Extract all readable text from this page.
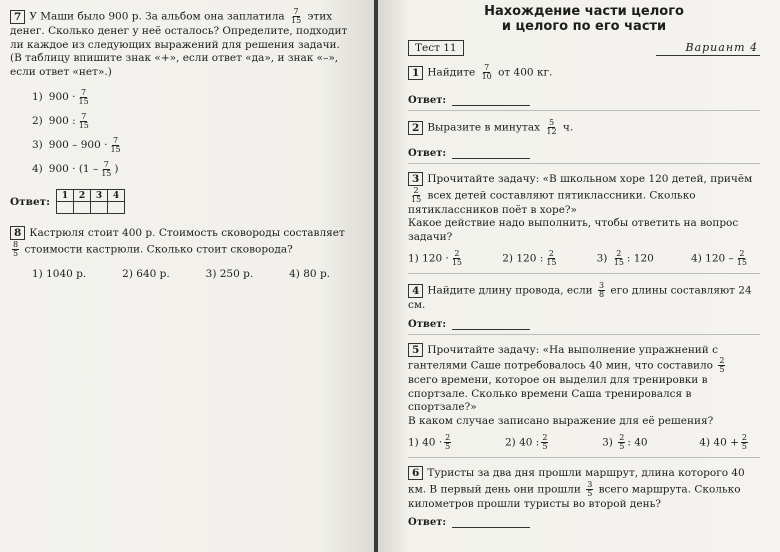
7 У Маши было 900 р. За альбом она заплатила $\frac{7}{15}$ этих денег. Сколько денег у неё осталось? Определите, подходит ли каждое из следующих выражений для решения задачи.
(В таблицу впишите знак «+», если ответ «да», и знак «–», если ответ «нет».)
1) $900 \cdot \frac{7}{15}$
2) 900 : $\frac{7}{15}$
3) $900 - 900 \cdot \frac{7}{15}$
4) $900 \cdot (1 - \frac{7}{15}$ )
Ответ: 1	2	3	4

8 Кастрюля стоит 400 р. Стоимость сковороды составляет
$\frac{8}{5}$ стоимости кастрюли. Сколько стоит сковорода?
1) 1040 р.	2) 640 р.	3) 250 р.	4) 80 р.
Нахождение части целого
и целого по его части
Тест 11	Вариант 4
1 Найдите $\frac{7}{10}$ от 400 кг.
Ответ:
2 Выразите в минутах $\frac{5}{12} ч$.
Ответ:
3 Прочитайте задачу: «В школьном хоре 120 детей, причём
$\frac{2}{15}$ всех детей составляют пятиклассники. Сколько пятиклассников поёт в хоре?»
Какое действие надо выполнить, чтобы ответить на вопрос задачи?
1) $120 \cdot \frac{2}{15}$	2) 120 : $\frac{2}{15}$	$3) \frac{2}{15}$ : 120	4) $120 - \frac{2}{15}$
4 Найдите длину провода, если $\frac{3}{8}$ его длины составляют 24 см.
Ответ:
5 Прочитайте задачу: «На выполнение упражнений с гантелями Саше потребовалось 40 мин, что составило $\frac{2}{5}$
всего времени, которое он выделил для тренировки в спортзале. Сколько времени Саша тренировался в спортзале?»
В каком случае записано выражение для её решения?
1) $40 \cdot \frac{2}{5}$	2) 40 : $\frac{2}{5}$	$3) \frac{2}{5}$ : 40	4) $40 + \frac{2}{5}$
6 Туристы за два дня прошли маршрут, длина которого 40 км. В первый день они прошли $\frac{3}{5}$ всего маршрута. Сколько километров прошли туристы во второй день?
Ответ:
